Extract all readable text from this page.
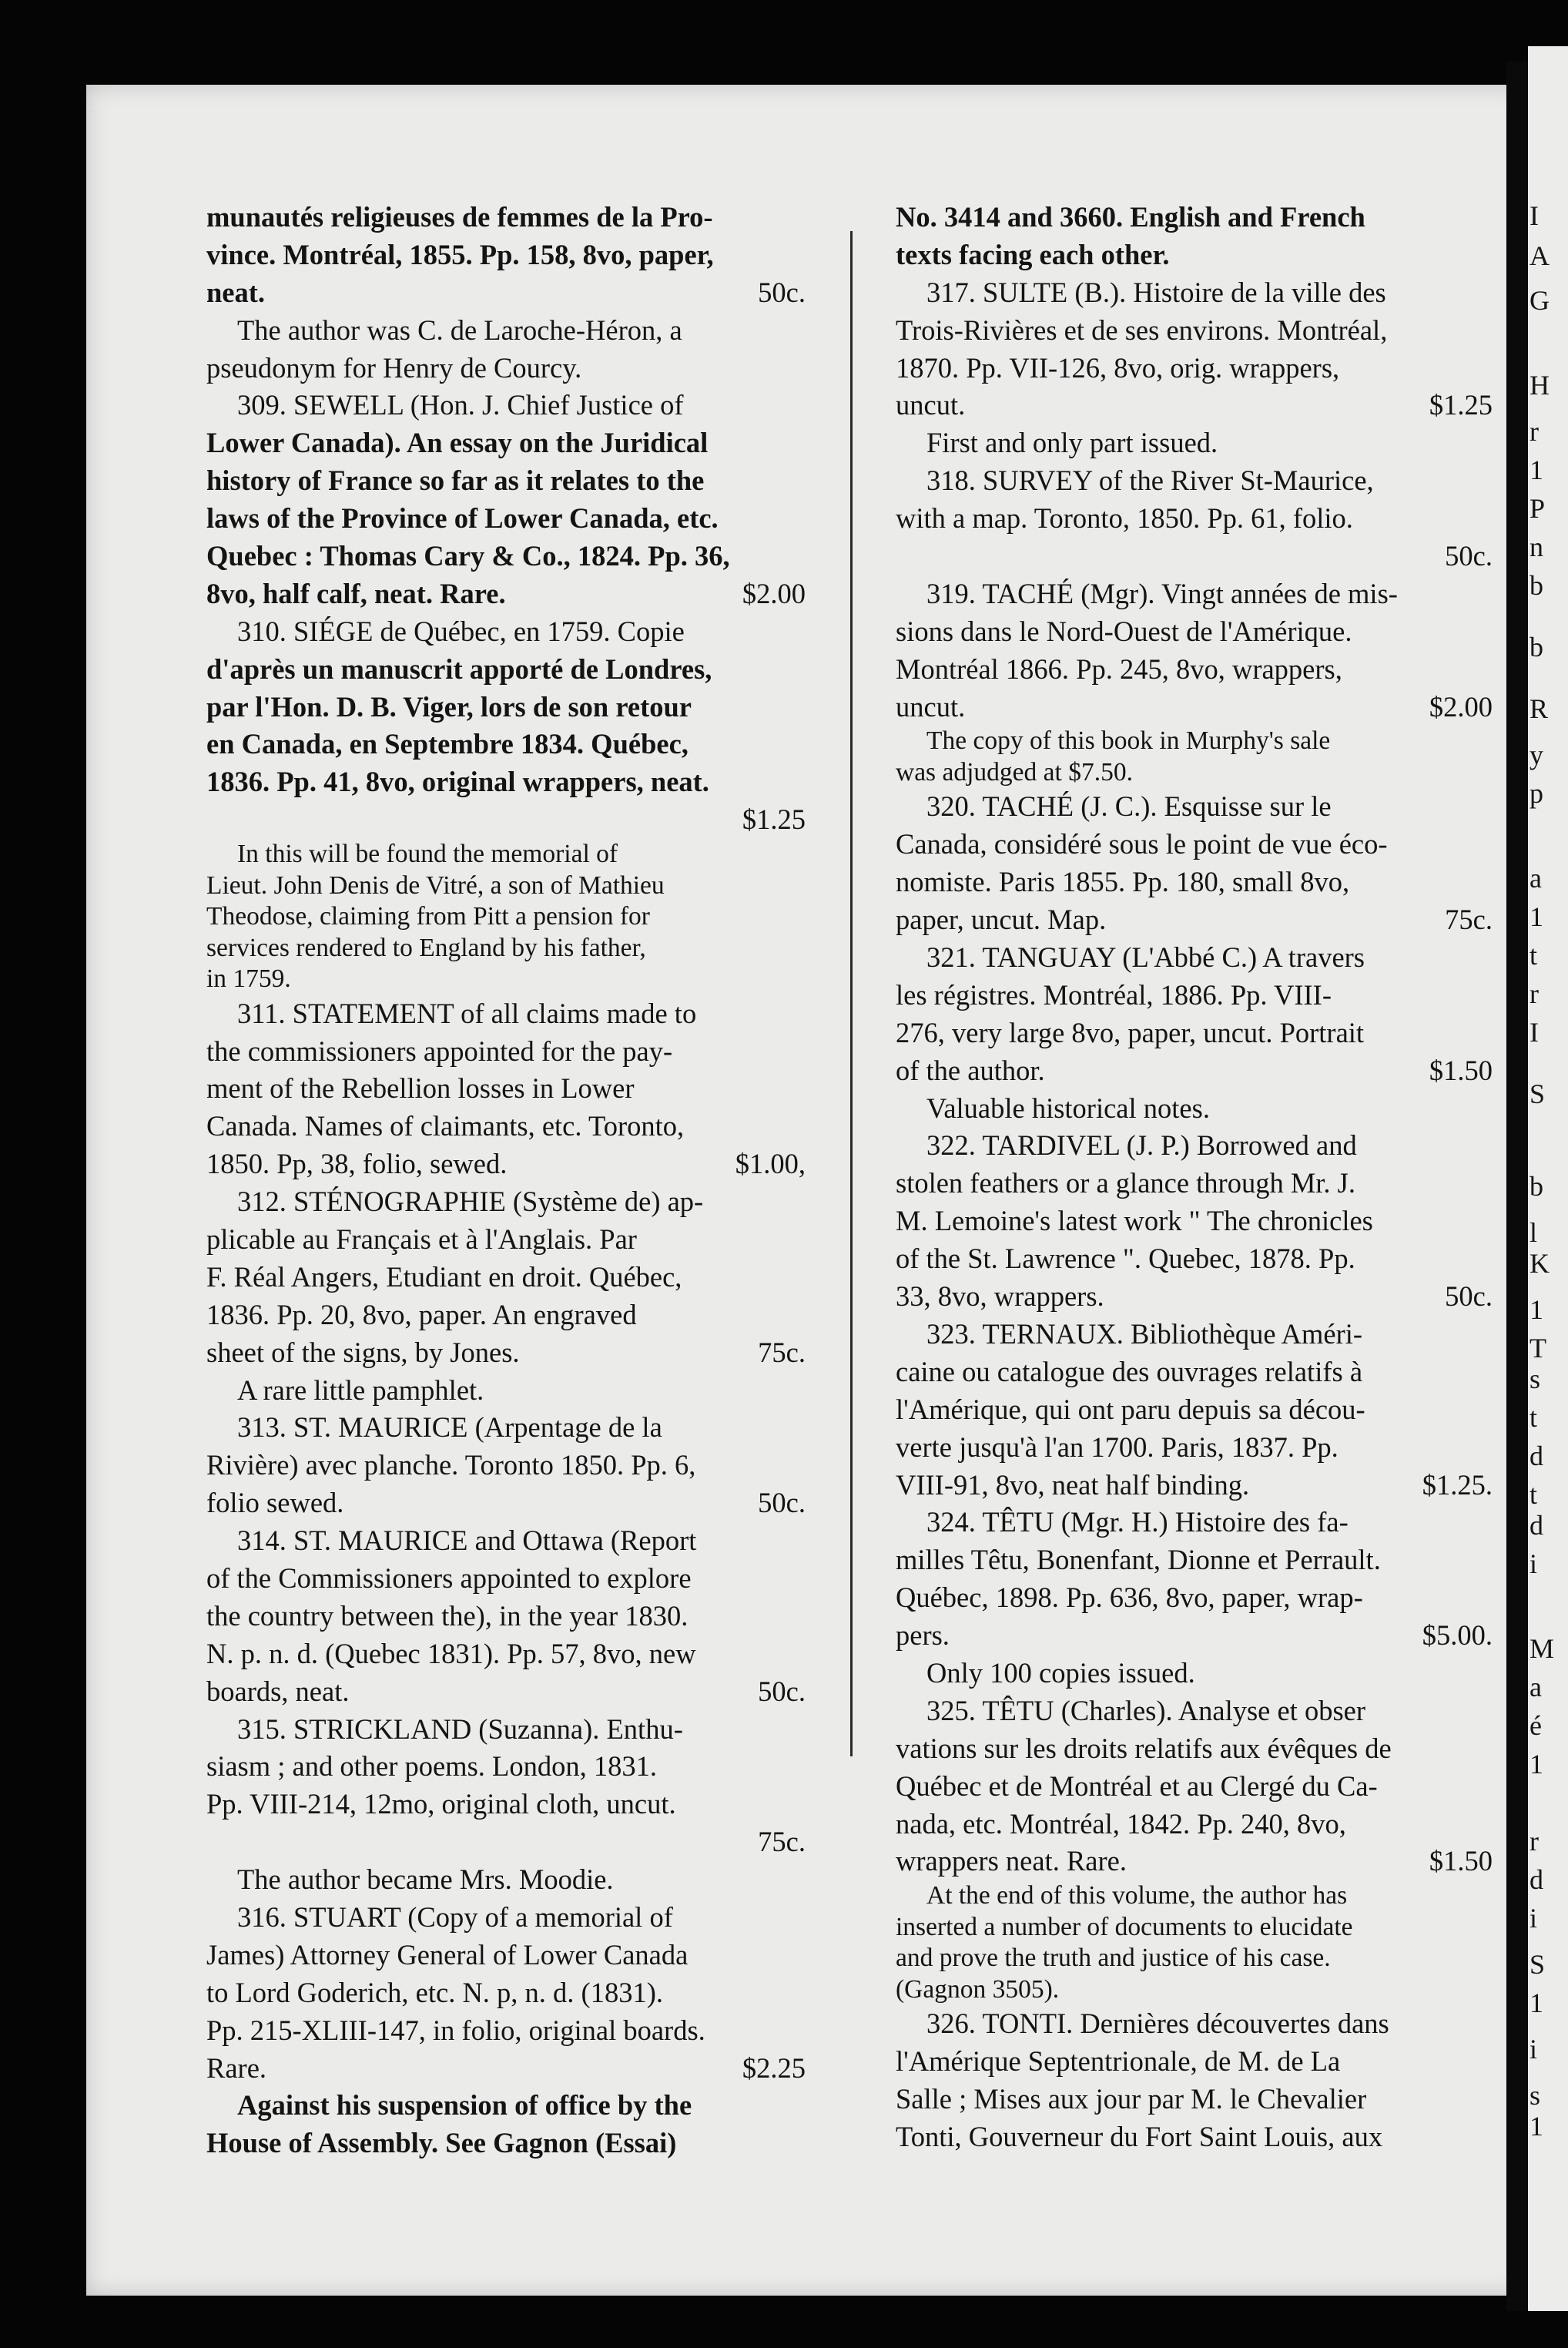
I
A
G
H
r
1
P
n
b
b
R
y
p
a
1
t
r
I
S
b
l
K
1
T
s
t
d
t
d
i
M
a
é
1
r
d
i
S
1
i
s
1
munautés religieuses de femmes de la Pro-
vince. Montréal, 1855. Pp. 158, 8vo, paper,
neat.	50c.
The author was C. de Laroche-Héron, a
pseudonym for Henry de Courcy.
309. SEWELL (Hon. J. Chief Justice of
Lower Canada). An essay on the Juridical
history of France so far as it relates to the
laws of the Province of Lower Canada, etc.
Quebec : Thomas Cary & Co., 1824. Pp. 36,
8vo, half calf, neat. Rare.	$2.00
310. SIÉGE de Québec, en 1759. Copie
d'après un manuscrit apporté de Londres,
par l'Hon. D. B. Viger, lors de son retour
en Canada, en Septembre 1834. Québec,
1836. Pp. 41, 8vo, original wrappers, neat.
$1.25
In this will be found the memorial of
Lieut. John Denis de Vitré, a son of Mathieu
Theodose, claiming from Pitt a pension for
services rendered to England by his father,
in 1759.
311. STATEMENT of all claims made to
the commissioners appointed for the pay-
ment of the Rebellion losses in Lower
Canada. Names of claimants, etc. Toronto,
1850. Pp, 38, folio, sewed.	$1.00,
312. STÉNOGRAPHIE (Système de) ap-
plicable au Français et à l'Anglais. Par
F. Réal Angers, Etudiant en droit. Québec,
1836. Pp. 20, 8vo, paper. An engraved
sheet of the signs, by Jones.	75c.
A rare little pamphlet.
313. ST. MAURICE (Arpentage de la
Rivière) avec planche. Toronto 1850. Pp. 6,
folio sewed.	50c.
314. ST. MAURICE and Ottawa (Report
of the Commissioners appointed to explore
the country between the), in the year 1830.
N. p. n. d. (Quebec 1831). Pp. 57, 8vo, new
boards, neat.	50c.
315. STRICKLAND (Suzanna). Enthu-
siasm ; and other poems. London, 1831.
Pp. VIII-214, 12mo, original cloth, uncut.
75c.
The author became Mrs. Moodie.
316. STUART (Copy of a memorial of
James) Attorney General of Lower Canada
to Lord Goderich, etc. N. p, n. d. (1831).
Pp. 215-XLIII-147, in folio, original boards.
Rare.	$2.25
Against his suspension of office by the
House of Assembly. See Gagnon (Essai)
No. 3414 and 3660. English and French
texts facing each other.
317. SULTE (B.). Histoire de la ville des
Trois-Rivières et de ses environs. Montréal,
1870. Pp. VII-126, 8vo, orig. wrappers,
uncut.	$1.25
First and only part issued.
318. SURVEY of the River St-Maurice,
with a map. Toronto, 1850. Pp. 61, folio.
50c.
319. TACHÉ (Mgr). Vingt années de mis-
sions dans le Nord-Ouest de l'Amérique.
Montréal 1866. Pp. 245, 8vo, wrappers,
uncut.	$2.00
The copy of this book in Murphy's sale
was adjudged at $7.50.
320. TACHÉ (J. C.). Esquisse sur le
Canada, considéré sous le point de vue éco-
nomiste. Paris 1855. Pp. 180, small 8vo,
paper, uncut. Map.	75c.
321. TANGUAY (L'Abbé C.) A travers
les régistres. Montréal, 1886. Pp. VIII-
276, very large 8vo, paper, uncut. Portrait
of the author.	$1.50
Valuable historical notes.
322. TARDIVEL (J. P.) Borrowed and
stolen feathers or a glance through Mr. J.
M. Lemoine's latest work " The chronicles
of the St. Lawrence ". Quebec, 1878. Pp.
33, 8vo, wrappers.	50c.
323. TERNAUX. Bibliothèque Améri-
caine ou catalogue des ouvrages relatifs à
l'Amérique, qui ont paru depuis sa décou-
verte jusqu'à l'an 1700. Paris, 1837. Pp.
VIII-91, 8vo, neat half binding.	$1.25.
324. TÊTU (Mgr. H.) Histoire des fa-
milles Têtu, Bonenfant, Dionne et Perrault.
Québec, 1898. Pp. 636, 8vo, paper, wrap-
pers.	$5.00.
Only 100 copies issued.
325. TÊTU (Charles). Analyse et obser
vations sur les droits relatifs aux évêques de
Québec et de Montréal et au Clergé du Ca-
nada, etc. Montréal, 1842. Pp. 240, 8vo,
wrappers neat. Rare.	$1.50
At the end of this volume, the author has
inserted a number of documents to elucidate
and prove the truth and justice of his case.
(Gagnon 3505).
326. TONTI. Dernières découvertes dans
l'Amérique Septentrionale, de M. de La
Salle ; Mises aux jour par M. le Chevalier
Tonti, Gouverneur du Fort Saint Louis, aux
